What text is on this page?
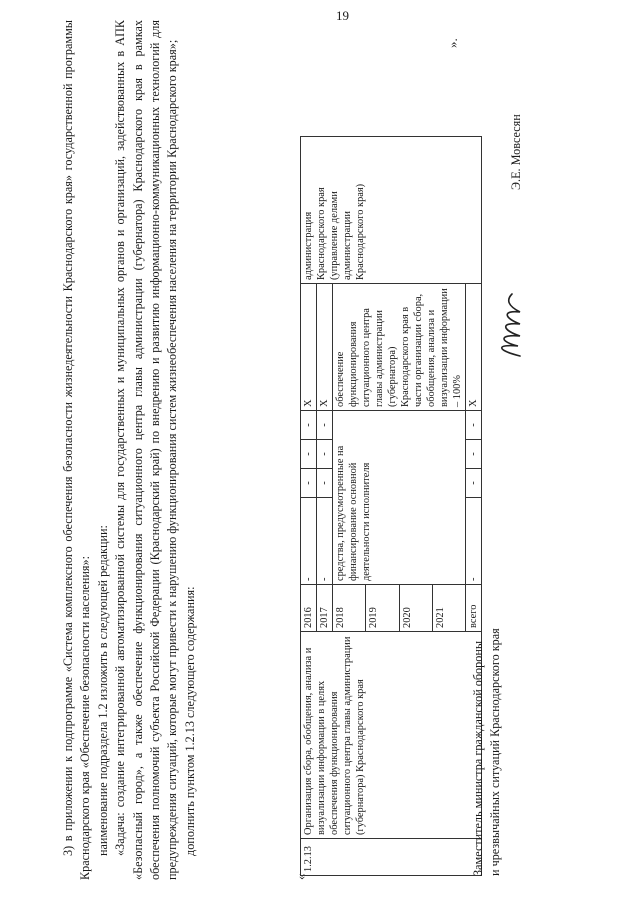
19

3) в приложении к подпрограмме «Система комплексного обеспечения безопасности жизнедеятельности Краснодарского края» государственной программы Краснодарского края «Обеспечение безопасности населения»: наименование подраздела 1.2 изложить в следующей редакции: «Задача: создание интегрированной автоматизированной системы для государственных и муниципальных органов и организаций, задействованных в АПК «Безопасный город», а также обеспечение функционирования ситуационного центра главы администрации (губернатора) Краснодарского края в рамках обеспечения полномочий субъекта Российской Федерации (Краснодарский край) по внедрению и развитию информационно-коммуникационных технологий для предупреждения ситуаций, которые могут привести к нарушению функционирования систем жизнеобеспечения населения на территории Краснодарского края»; дополнить пунктом 1.2.13 следующего содержания:

«
1.2.13	Организация сбора, обобщения, анализа и визуализации информации в целях обеспечения функционирования ситуационного центра главы администрации (губернатора) Краснодарского края	2016	-	-	-	-	X	администрация Краснодарского края (управление делами администрации Краснодарского края)
		2017	-	-	-	-	X	
		2018	средства, предусмотренные на финансирование основной деятельности исполнителя				обеспечение функционирования ситуационного центра главы администрации (губернатора) Краснодарского края в части организации сбора, обобщения, анализа и визуализации информации – 100%	
		2019						
		2020						
		2021						
		всего	-	-	-	-	X	
».
Заместитель министра гражданской обороны и чрезвычайных ситуаций Краснодарского края
Э.Е. Мовсесян
